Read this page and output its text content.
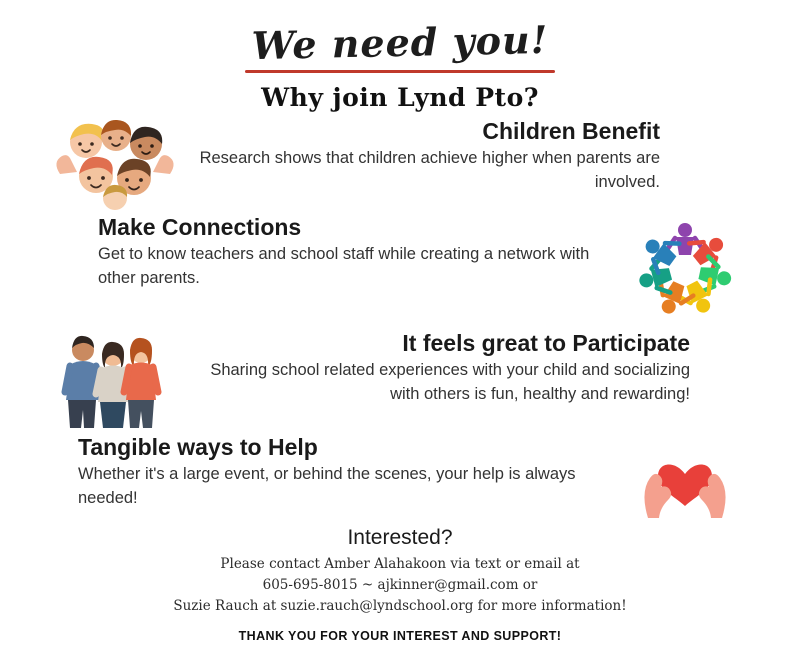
We need you!
Why join Lynd Pto?
Children Benefit
Research shows that children achieve higher when parents are involved.
Make Connections
Get to know teachers and school staff while creating a network with other parents.
It feels great to Participate
Sharing school related experiences with your child and socializing with others is fun, healthy and rewarding!
Tangible ways to Help
Whether it's a large event, or behind the scenes, your help is always needed!
Interested?
Please contact Amber Alahakoon via text or email at
605-695-8015 ~ ajkinner@gmail.com or
Suzie Rauch at suzie.rauch@lyndschool.org for more information!
THANK YOU FOR YOUR INTEREST AND SUPPORT!
